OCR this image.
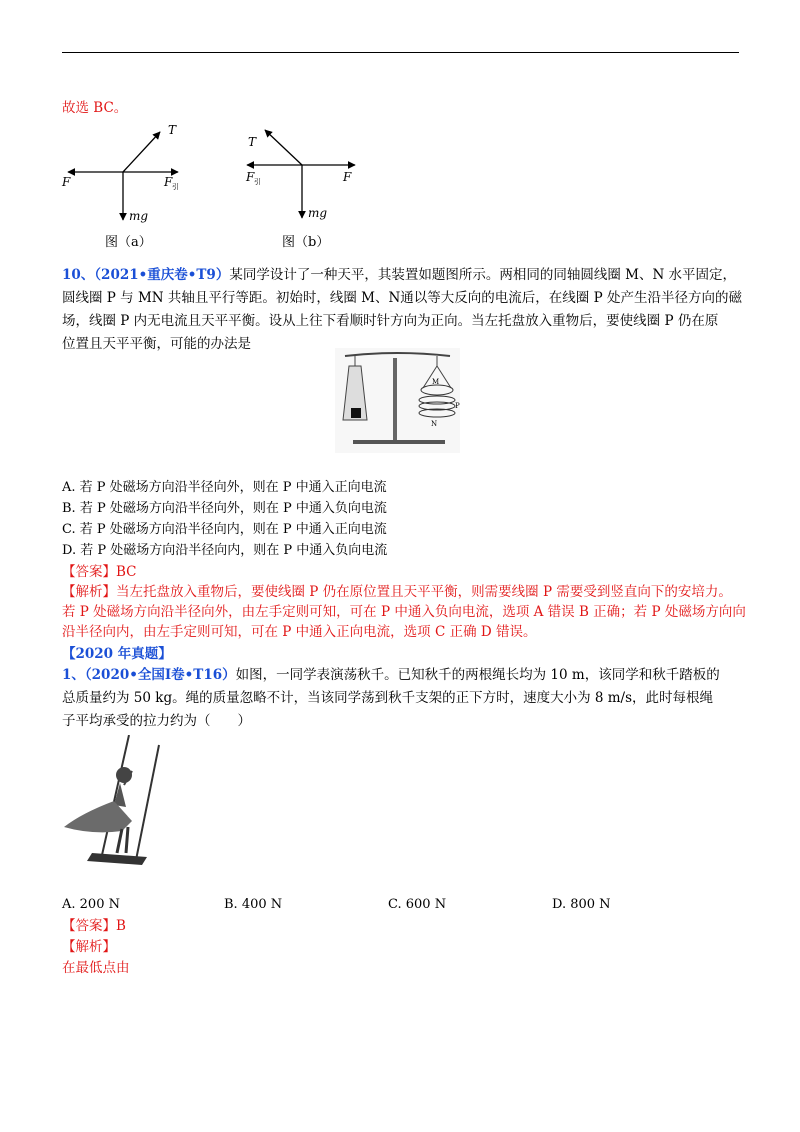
故选 BC。
T
F	F 引
mg
图（a）
T
F 引	F
mg
图（b）
10、（2021•重庆卷•T9）某同学设计了一种天平，其装置如题图所示。两相同的同轴圆线圈 M、N 水平固定，
圆线圈 P 与 MN 共轴且平行等距。初始时，线圈 M、N通以等大反向的电流后，在线圈 P 处产生沿半径方向的磁
场，线圈 P 内无电流且天平平衡。设从上往下看顺时针方向为正向。当左托盘放入重物后，要使线圈 P 仍在原
位置且天平平衡，可能的办法是
M
P
N
A. 若 P 处磁场方向沿半径向外，则在 P 中通入正向电流
B. 若 P 处磁场方向沿半径向外，则在 P 中通入负向电流
C. 若 P 处磁场方向沿半径向内，则在 P 中通入正向电流
D. 若 P 处磁场方向沿半径向内，则在 P 中通入负向电流
【答案】BC
【解析】当左托盘放入重物后，要使线圈 P 仍在原位置且天平平衡，则需要线圈 P 需要受到竖直向下的安培力。
若 P 处磁场方向沿半径向外，由左手定则可知，可在 P 中通入负向电流，选项 A 错误 B 正确；若 P 处磁场方向向
沿半径向内，由左手定则可知，可在 P 中通入正向电流，选项 C 正确 D 错误。
【2020 年真题】
1、（2020•全国Ⅰ卷•T16）如图，一同学表演荡秋千。已知秋千的两根绳长均为 10 m，该同学和秋千踏板的
总质量约为 50 kg。绳的质量忽略不计，当该同学荡到秋千支架的正下方时，速度大小为 8 m/s，此时每根绳
子平均承受的拉力约为（　　）
A. 200 N	B. 400 N	C. 600 N	D. 800 N
【答案】B
【解析】
在最低点由
